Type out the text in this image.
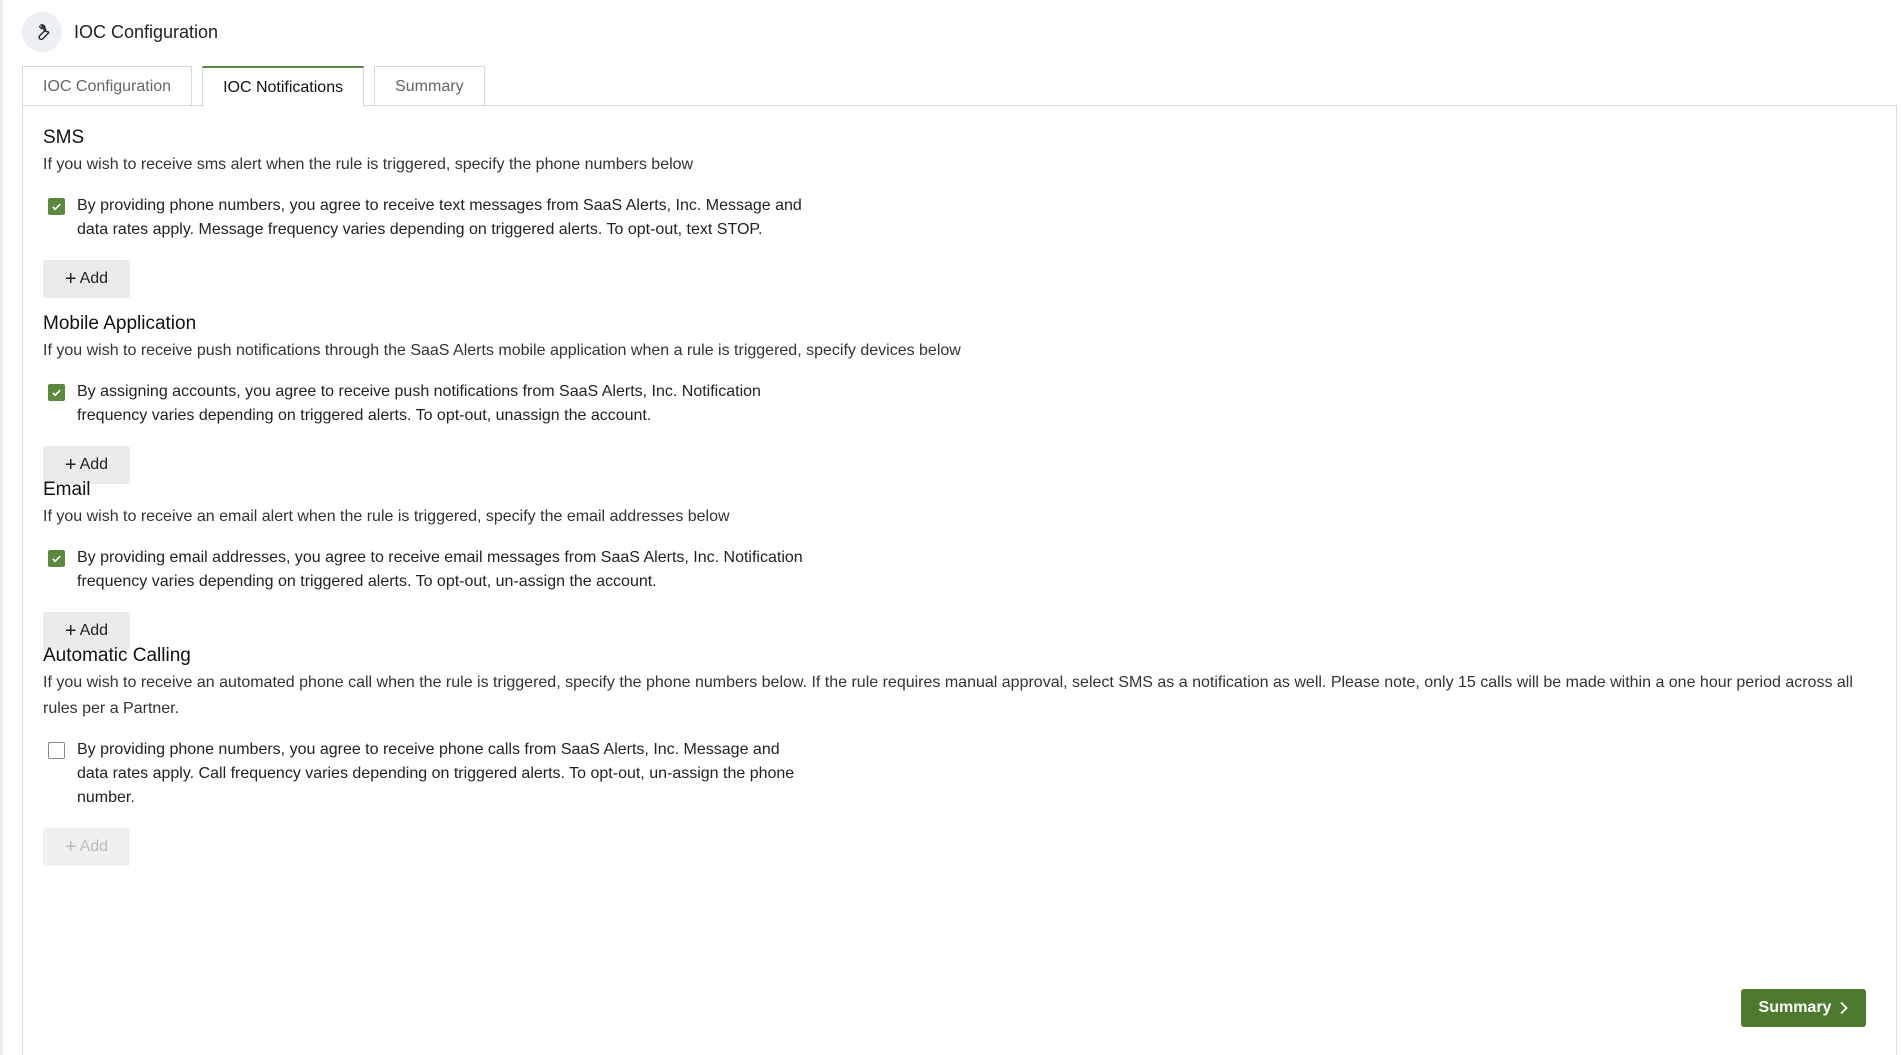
IOC Configuration
IOC Configuration	IOC Notifications	Summary
SMS
If you wish to receive sms alert when the rule is triggered, specify the phone numbers below
By providing phone numbers, you agree to receive text messages from SaaS Alerts, Inc. Message and data rates apply. Message frequency varies depending on triggered alerts. To opt-out, text STOP.
+ Add
Mobile Application
If you wish to receive push notifications through the SaaS Alerts mobile application when a rule is triggered, specify devices below
By assigning accounts, you agree to receive push notifications from SaaS Alerts, Inc. Notification frequency varies depending on triggered alerts. To opt-out, unassign the account.
+ Add
Email
If you wish to receive an email alert when the rule is triggered, specify the email addresses below
By providing email addresses, you agree to receive email messages from SaaS Alerts, Inc. Notification frequency varies depending on triggered alerts. To opt-out, un-assign the account.
+ Add
Automatic Calling
If you wish to receive an automated phone call when the rule is triggered, specify the phone numbers below. If the rule requires manual approval, select SMS as a notification as well. Please note, only 15 calls will be made within a one hour period across all rules per a Partner.
By providing phone numbers, you agree to receive phone calls from SaaS Alerts, Inc. Message and data rates apply. Call frequency varies depending on triggered alerts. To opt-out, un-assign the phone number.
+ Add
Summary
